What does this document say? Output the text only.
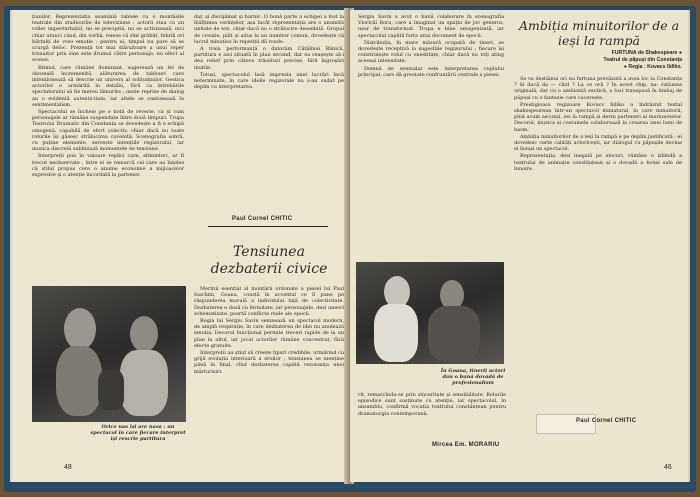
țiunilor. Reprezentația seamănă tablele cu o montăsile teatrale din studiourile de televiziune : actorii stau ca un roller imperturbabil, nu se precipită, nu se activizează, nici chiar atunci când, din vorbă, reiese că sînt grăbiți, febrili ori hărțuiți de vreo emoție ; pentru ei, timpul nu pare să se scurgă deloc. Prezență tot mai stăruitoare a unui reper trenuitor prin sine este drumul către personaje, nu efect al scenei.

Ritmul, care rămâne dominant, sugerează un fel de oboseală încremenită, alăturarea de tablouri care intenționează să descrie un univers al solitudinilor. Gestica actorilor e urmărită în detaliu, fără ca întrebările spectatorului să fie mereu lămurite ; unele reprize de dialog au o evidentă autenticitate, iar altele se cantonează în sentimentalism.

Spectacolul se încheie pe o notă de reverie, ca și cum personajele ar rămâne suspendate între două timpuri. Trupa Teatrului Dramatic din Constanța se dovedește a fi o echipă omogenă, capabilă de efort colectiv, chiar dacă nu toate rolurile își găsesc strălucirea cuvenită. Scenografia sobră, cu puține elemente, servește intențiile regizorului, iar muzica discretă subliniază momentele de tensiune.

Interpreții pun în valoare replici care, altminteri, ar fi trecut neobservate ; între ei se remarcă cei care au înțeles că stilul propus cere o anume economie a mijloacelor expresive și o atenție încordată la partener.

Orice nas își are nasa : un spectacol în care fiecare interpret își rescrie partitura

dar, și disciplinat și harnic. O bună parte a echipei a fost la înălțimea cerințelor, așa încât reprezentația are o anumită unitate de ton, chiar dacă nu o strălucire deosebită. Grupul de creație, pilit și adus la un numitor comun, dovedește că lucrul minuțios în repetiții dă roade.

A treia performanță o datorăm Cătălinei Bănică, partitura e aici situată în plan secund, dar ea reușește să-i dea relief prin câteva trăsături precise, fără îngroșări inutile.

Totuși, spectacolul lasă impresia unei lucrări încă neterminate, în care ideile regizorale nu s-au sudat pe deplin cu interpretarea.

Paul Cornel CHITIC
Tensiunea dezbaterii civice

Meritul esențial al montării ordonate a piesei lui Paul Ioachim, Goana, constă în accentul ce îl pune pe răspunderea morală a individului față de colectivitate. Dezbaterea e dusă cu fermitate, iar personajele, deși uneori schematizate, poartă conflicte reale ale epocii.

Regia lui Sergiu Savin semnează un spectacol modern, de amplă respirație, în care dezbaterea de idei nu anulează emoția. Decorul funcțional permite treceri rapide de la un plan la altul, iar jocul actorilor rămâne concentrat, fără efecte gratuite.

Interpreții au știut să creeze tipuri credibile, urmărind cu grijă evoluția interioară a eroilor ; tensiunea se menține până în final, cînd dezbaterea capătă rezonanța unei mărturisiri.

48

Sergiu Savin a avut o bună colaborare în scenografia Vioricăi Bora, care a imaginat un spațiu de joc generos, ușor de transformat. Trupa e bine omogenizată, iar spectacolul capătă forța unui document de epocă.

Distribuția, în mare măsură ocupată de tineri, se dovedește receptivă la sugestiile regizorului ; fiecare își construiește rolul cu onestitate, chiar dacă nu toți ating aceeași intensitate.

Demnă de semnalat este interpretarea cuplului principal, care dă greutate confruntării centrale a piesei.

În Goana, tinerii actori dau o bună dovadă de profesionalism

rit, remarcîndu-se prin sinceritate și sensibilitate. Rolurile episodice sunt susținute cu atenție, iar spectacolul, în ansamblu, confirmă vocația teatrului constănțean pentru dramaturgia contemporană.

Mircea Em. MORARIU
Ambiția minuitorilor de a ieși la rampă
FURTUNA de Shakespeare ●
Teatrul de păpuși din Constanța
● Regia : Kovacs Ildiko.

Se va destăinui ori nu furtuna prevăzută a avea loc la Constanța ? Și dacă da — cînd ? La ce oră ? În acest chip, na- rațiunea originală, dar cu o ambianță exotică, a fost transpusă în limbaj de păpuși cu o fantezie care cucerește.

Prestigioasa regizoare Kovacs Ildiko a îndrăznit textul shakespearean într-un spectacol miniatural, în care minuitorii, pînă acum ascunși, ies la rampă și devin parteneri ai marionetelor. Decorul, muzica și costumele colaborează la crearea unei lumi de basm.

Ambiția minuitorilor de a ieși la rampă e pe deplin justificată : ei dovedesc certe calități actoricești, iar dialogul cu păpușile devine el însuși un spectacol.

Reprezentația, deși inegală pe alocuri, rămâne o izbîndă a teatrului de animație constănțean și o dovadă a forței sale de înnoire.

Paul Cornel CHITIC
46
